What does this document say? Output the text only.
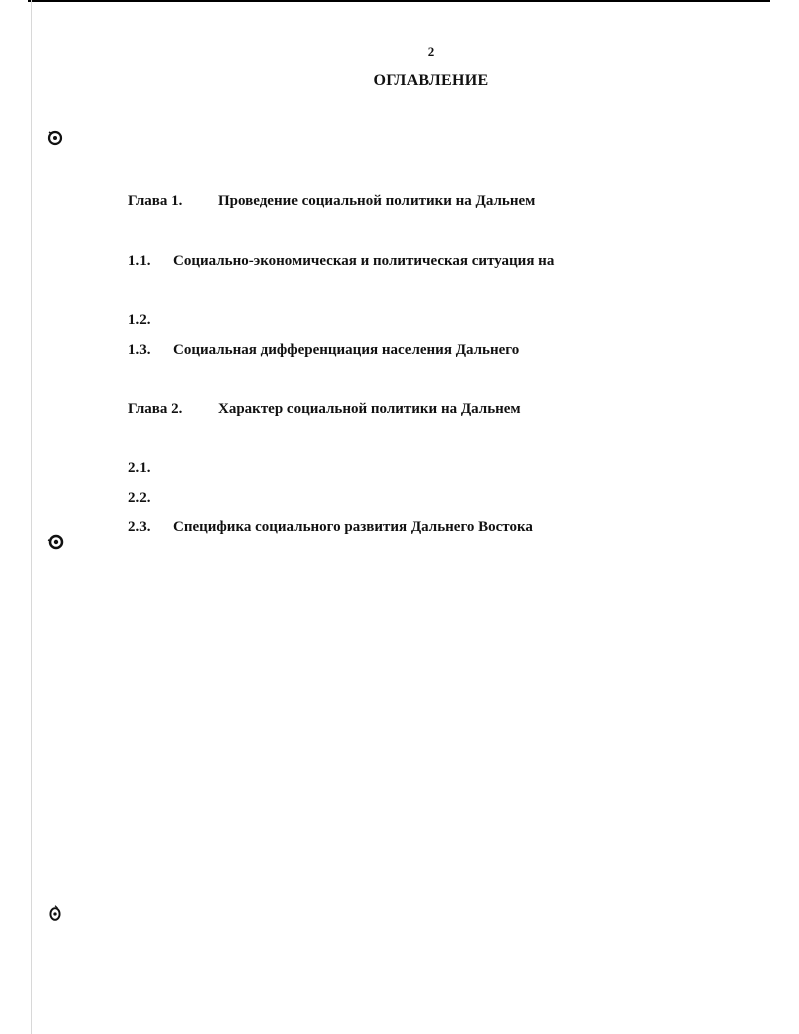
2
ОГЛАВЛЕНИЕ
Глава 1. Проведение социальной политики на Дальнем
1.1. Социально-экономическая и политическая ситуация на
1.2.
1.3. Социальная дифференциация населения Дальнего
Глава 2. Характер социальной политики на Дальнем
2.1.
2.2.
2.3. Специфика социального развития Дальнего Востока
